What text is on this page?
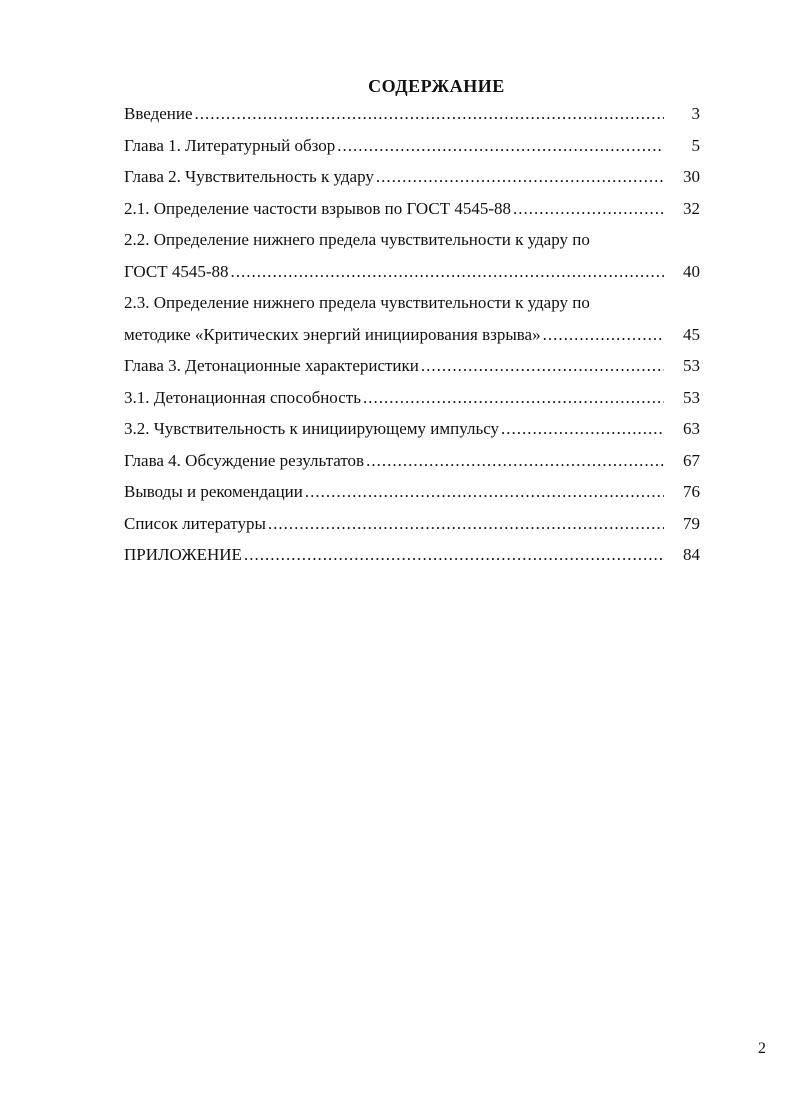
СОДЕРЖАНИЕ
Введение .....	3
Глава 1. Литературный обзор .....	5
Глава 2. Чувствительность к удару .....	30
2.1. Определение частости взрывов по ГОСТ 4545-88 .....	32
2.2. Определение нижнего предела чувствительности к удару по
ГОСТ 4545-88 .....	40
2.3. Определение нижнего предела чувствительности к удару по
методике «Критических энергий инициирования взрыва» .....	45
Глава 3. Детонационные характеристики .....	53
3.1. Детонационная способность .....	53
3.2. Чувствительность к инициирующему импульсу .....	63
Глава 4. Обсуждение результатов .....	67
Выводы и рекомендации .....	76
Список литературы .....	79
ПРИЛОЖЕНИЕ .....	84
2
